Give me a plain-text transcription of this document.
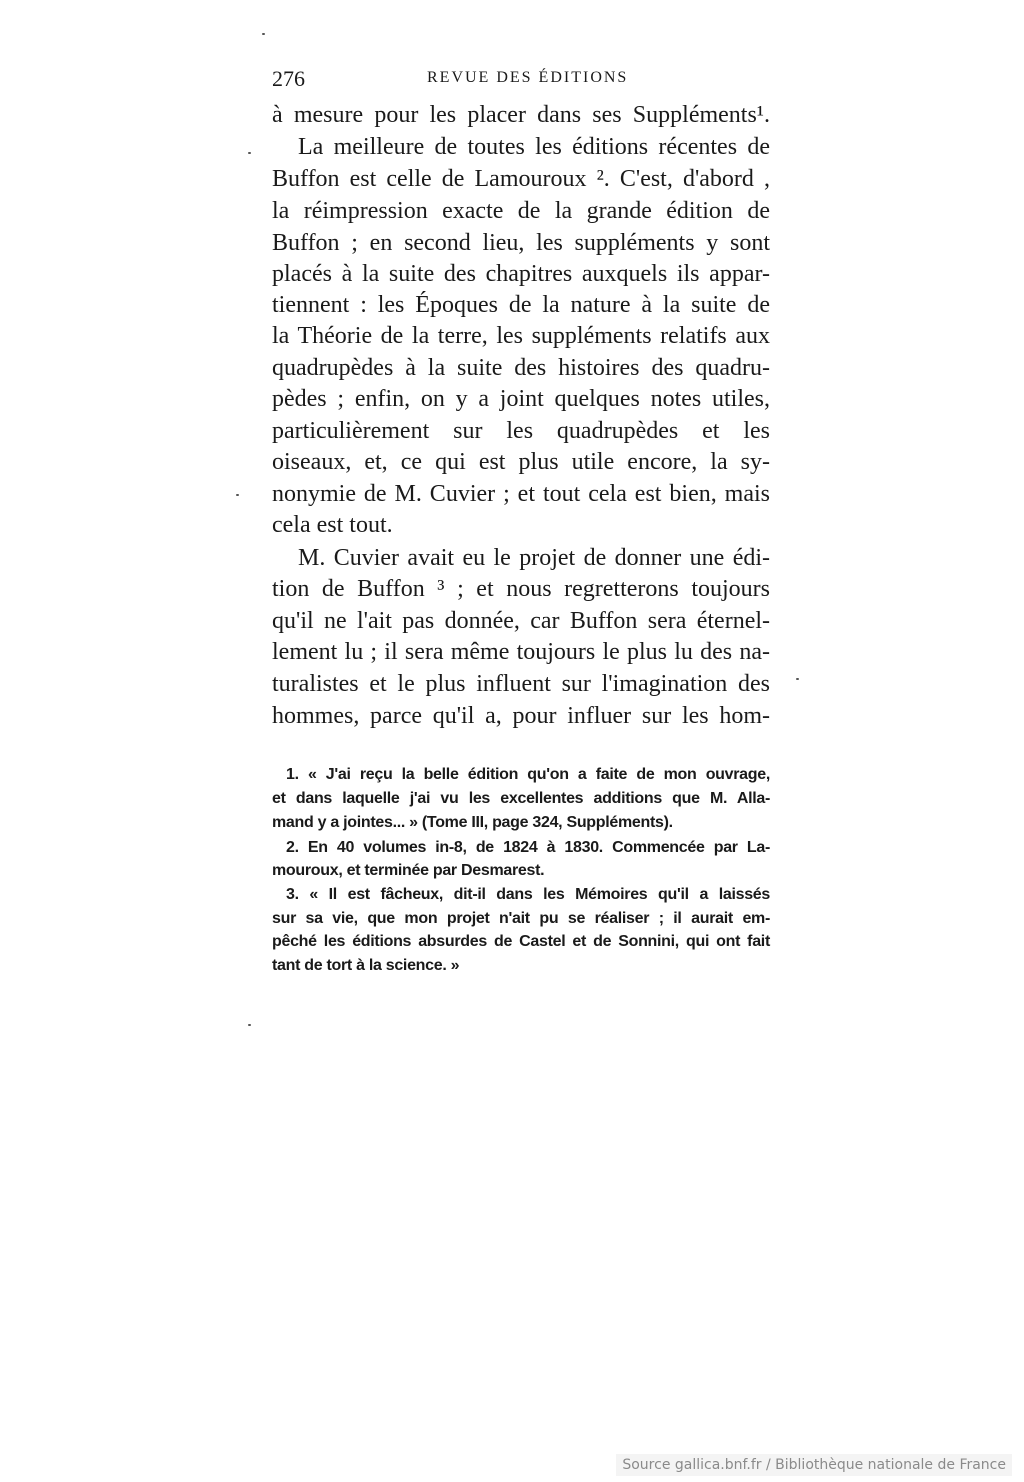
276	REVUE DES ÉDITIONS
à mesure pour les placer dans ses Suppléments¹.
La meilleure de toutes les éditions récentes de
Buffon est celle de Lamouroux ². C'est, d'abord ,
la réimpression exacte de la grande édition de
Buffon ; en second lieu, les suppléments y sont
placés à la suite des chapitres auxquels ils appar-
tiennent : les Époques de la nature à la suite de
la Théorie de la terre, les suppléments relatifs aux
quadrupèdes à la suite des histoires des quadru-
pèdes ; enfin, on y a joint quelques notes utiles,
particulièrement sur les quadrupèdes et les
oiseaux, et, ce qui est plus utile encore, la sy-
nonymie de M. Cuvier ; et tout cela est bien, mais
cela est tout.
M. Cuvier avait eu le projet de donner une édi-
tion de Buffon ³ ; et nous regretterons toujours
qu'il ne l'ait pas donnée, car Buffon sera éternel-
lement lu ; il sera même toujours le plus lu des na-
turalistes et le plus influent sur l'imagination des
hommes, parce qu'il a, pour influer sur les hom-
1. « J'ai reçu la belle édition qu'on a faite de mon ouvrage,
et dans laquelle j'ai vu les excellentes additions que M. Alla-
mand y a jointes... » (Tome III, page 324, Suppléments).
2. En 40 volumes in-8, de 1824 à 1830. Commencée par La-
mouroux, et terminée par Desmarest.
3. « Il est fâcheux, dit-il dans les Mémoires qu'il a laissés
sur sa vie, que mon projet n'ait pu se réaliser ; il aurait em-
pêché les éditions absurdes de Castel et de Sonnini, qui ont fait
tant de tort à la science. »
Source gallica.bnf.fr / Bibliothèque nationale de France
